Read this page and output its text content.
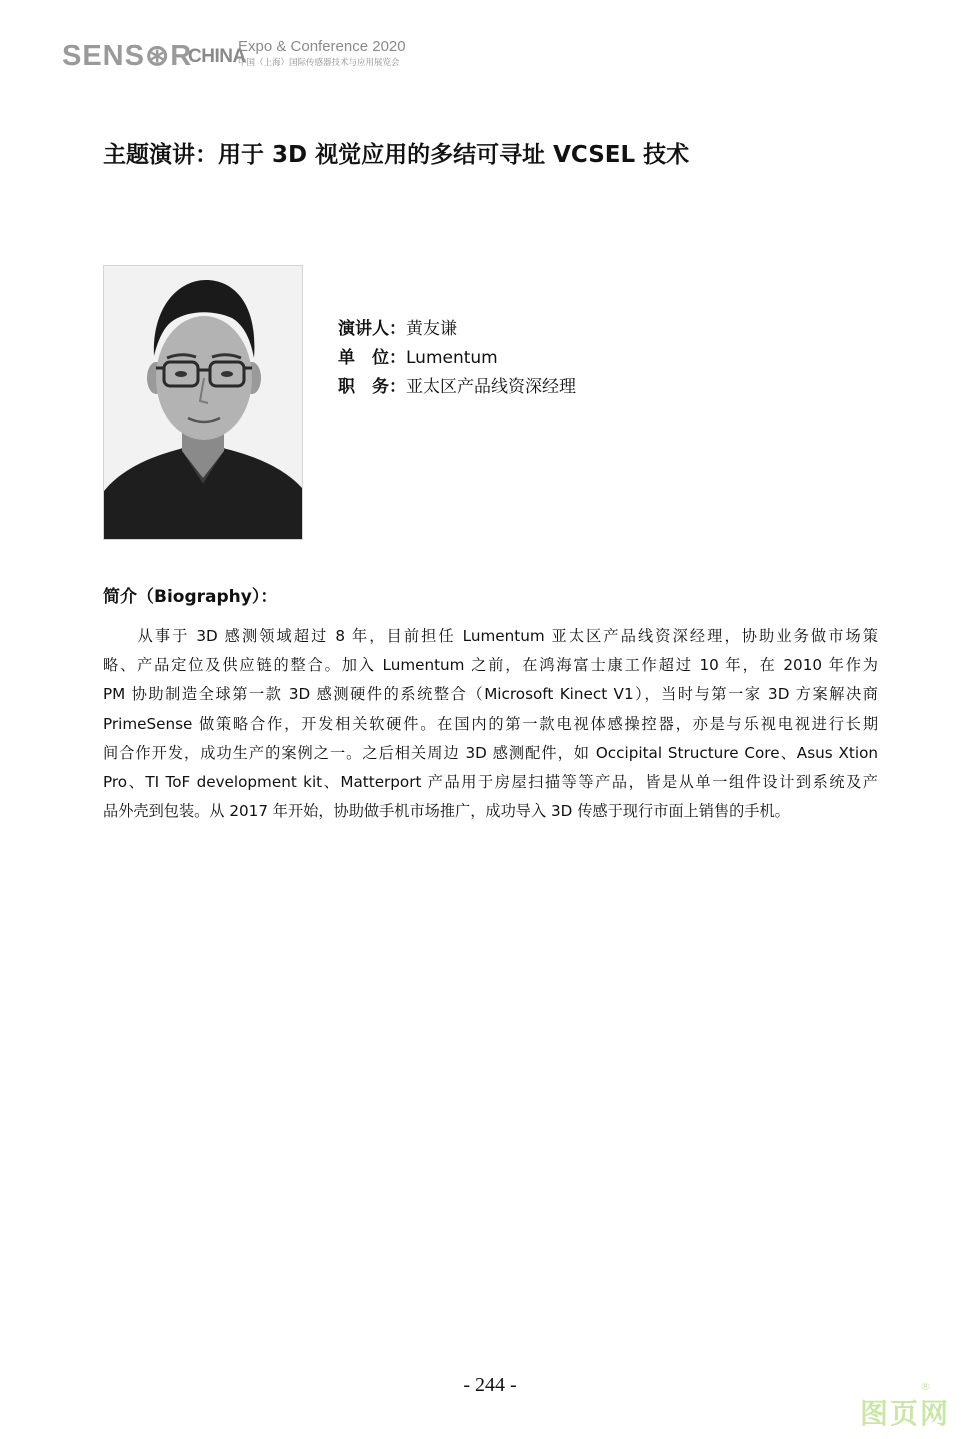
SENS⊛R
CHINA
Expo & Conference 2020
中国（上海）国际传感器技术与应用展览会
主题演讲：用于 3D 视觉应用的多结可寻址 VCSEL 技术
演讲人：黄友谦
单　位：Lumentum
职　务：亚太区产品线资深经理
简介（Biography）：
　　从事于 3D 感测领域超过 8 年，目前担任 Lumentum 亚太区产品线资深经理，协助业务做市场策
略、产品定位及供应链的整合。加入 Lumentum 之前，在鸿海富士康工作超过 10 年，在 2010 年作为
PM 协助制造全球第一款 3D 感测硬件的系统整合（Microsoft Kinect V1），当时与第一家 3D 方案解决商
PrimeSense 做策略合作，开发相关软硬件。在国内的第一款电视体感操控器，亦是与乐视电视进行长期
间合作开发，成功生产的案例之一。之后相关周边 3D 感测配件，如 Occipital Structure Core、Asus Xtion
Pro、TI ToF development kit、Matterport 产品用于房屋扫描等等产品，皆是从单一组件设计到系统及产
品外壳到包装。从 2017 年开始，协助做手机市场推广，成功导入 3D 传感于现行市面上销售的手机。
- 244 -
图页网
®
